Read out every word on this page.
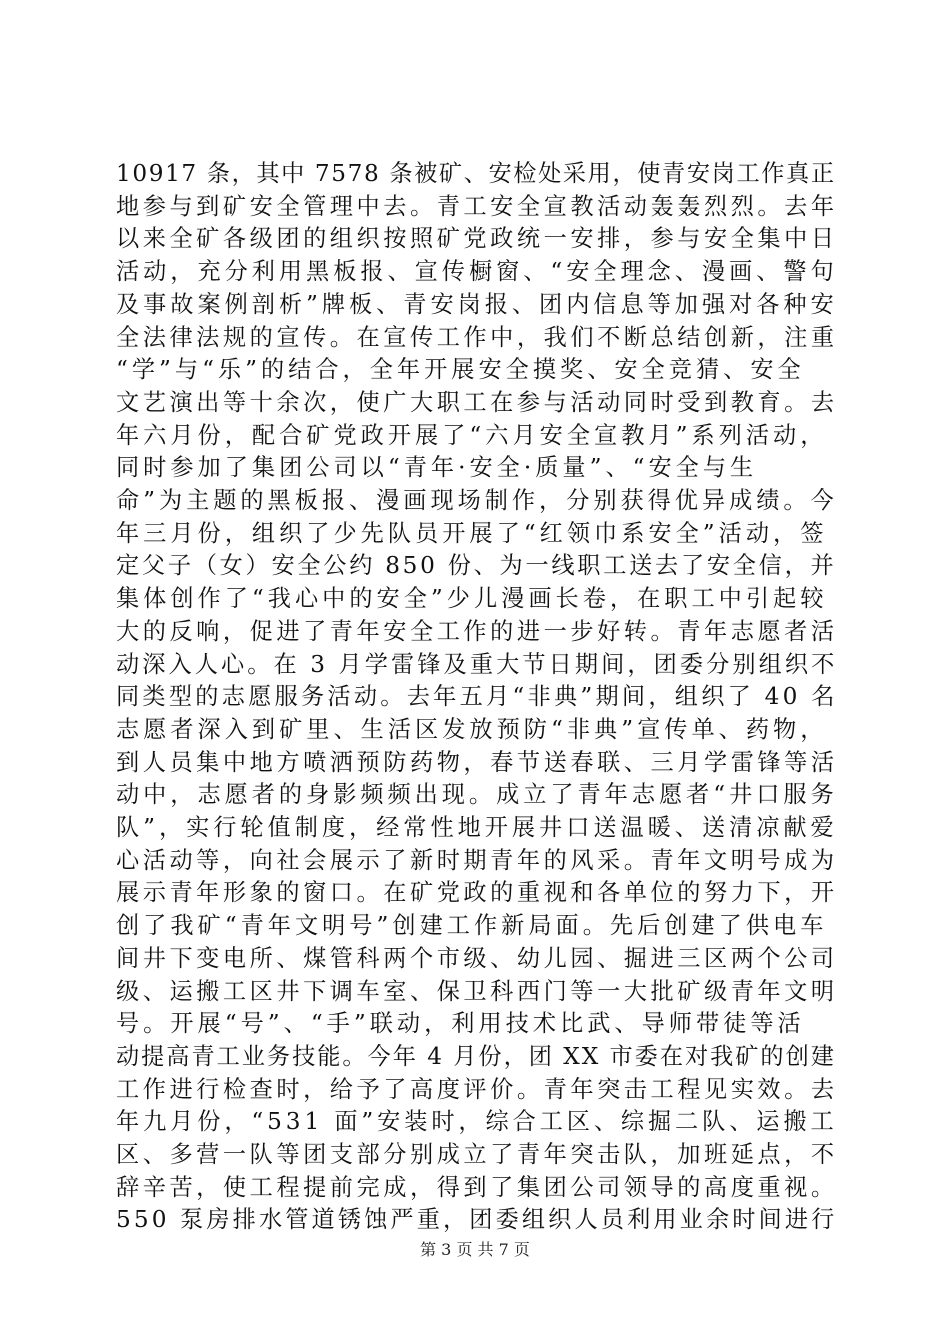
10917 条，其中 7578 条被矿、安检处采用，使青安岗工作真正
地参与到矿安全管理中去。青工安全宣教活动轰轰烈烈。去年
以来全矿各级团的组织按照矿党政统一安排，参与安全集中日
活动，充分利用黑板报、宣传橱窗、“安全理念、漫画、警句
及事故案例剖析”牌板、青安岗报、团内信息等加强对各种安
全法律法规的宣传。在宣传工作中，我们不断总结创新，注重
“学”与“乐”的结合，全年开展安全摸奖、安全竞猜、安全
文艺演出等十余次，使广大职工在参与活动同时受到教育。去
年六月份，配合矿党政开展了“六月安全宣教月”系列活动，
同时参加了集团公司以“青年·安全·质量”、“安全与生
命”为主题的黑板报、漫画现场制作，分别获得优异成绩。今
年三月份，组织了少先队员开展了“红领巾系安全”活动，签
定父子（女）安全公约 850 份、为一线职工送去了安全信，并
集体创作了“我心中的安全”少儿漫画长卷，在职工中引起较
大的反响，促进了青年安全工作的进一步好转。青年志愿者活
动深入人心。在 3 月学雷锋及重大节日期间，团委分别组织不
同类型的志愿服务活动。去年五月“非典”期间，组织了 40 名
志愿者深入到矿里、生活区发放预防“非典”宣传单、药物，
到人员集中地方喷洒预防药物，春节送春联、三月学雷锋等活
动中，志愿者的身影频频出现。成立了青年志愿者“井口服务
队”，实行轮值制度，经常性地开展井口送温暖、送清凉献爱
心活动等，向社会展示了新时期青年的风采。青年文明号成为
展示青年形象的窗口。在矿党政的重视和各单位的努力下，开
创了我矿“青年文明号”创建工作新局面。先后创建了供电车
间井下变电所、煤管科两个市级、幼儿园、掘进三区两个公司
级、运搬工区井下调车室、保卫科西门等一大批矿级青年文明
号。开展“号”、“手”联动，利用技术比武、导师带徒等活
动提高青工业务技能。今年 4 月份，团 XX 市委在对我矿的创建
工作进行检查时，给予了高度评价。青年突击工程见实效。去
年九月份，“531 面”安装时，综合工区、综掘二队、运搬工
区、多营一队等团支部分别成立了青年突击队，加班延点，不
辞辛苦，使工程提前完成，得到了集团公司领导的高度重视。
550 泵房排水管道锈蚀严重，团委组织人员利用业余时间进行
第 3 页 共 7 页
